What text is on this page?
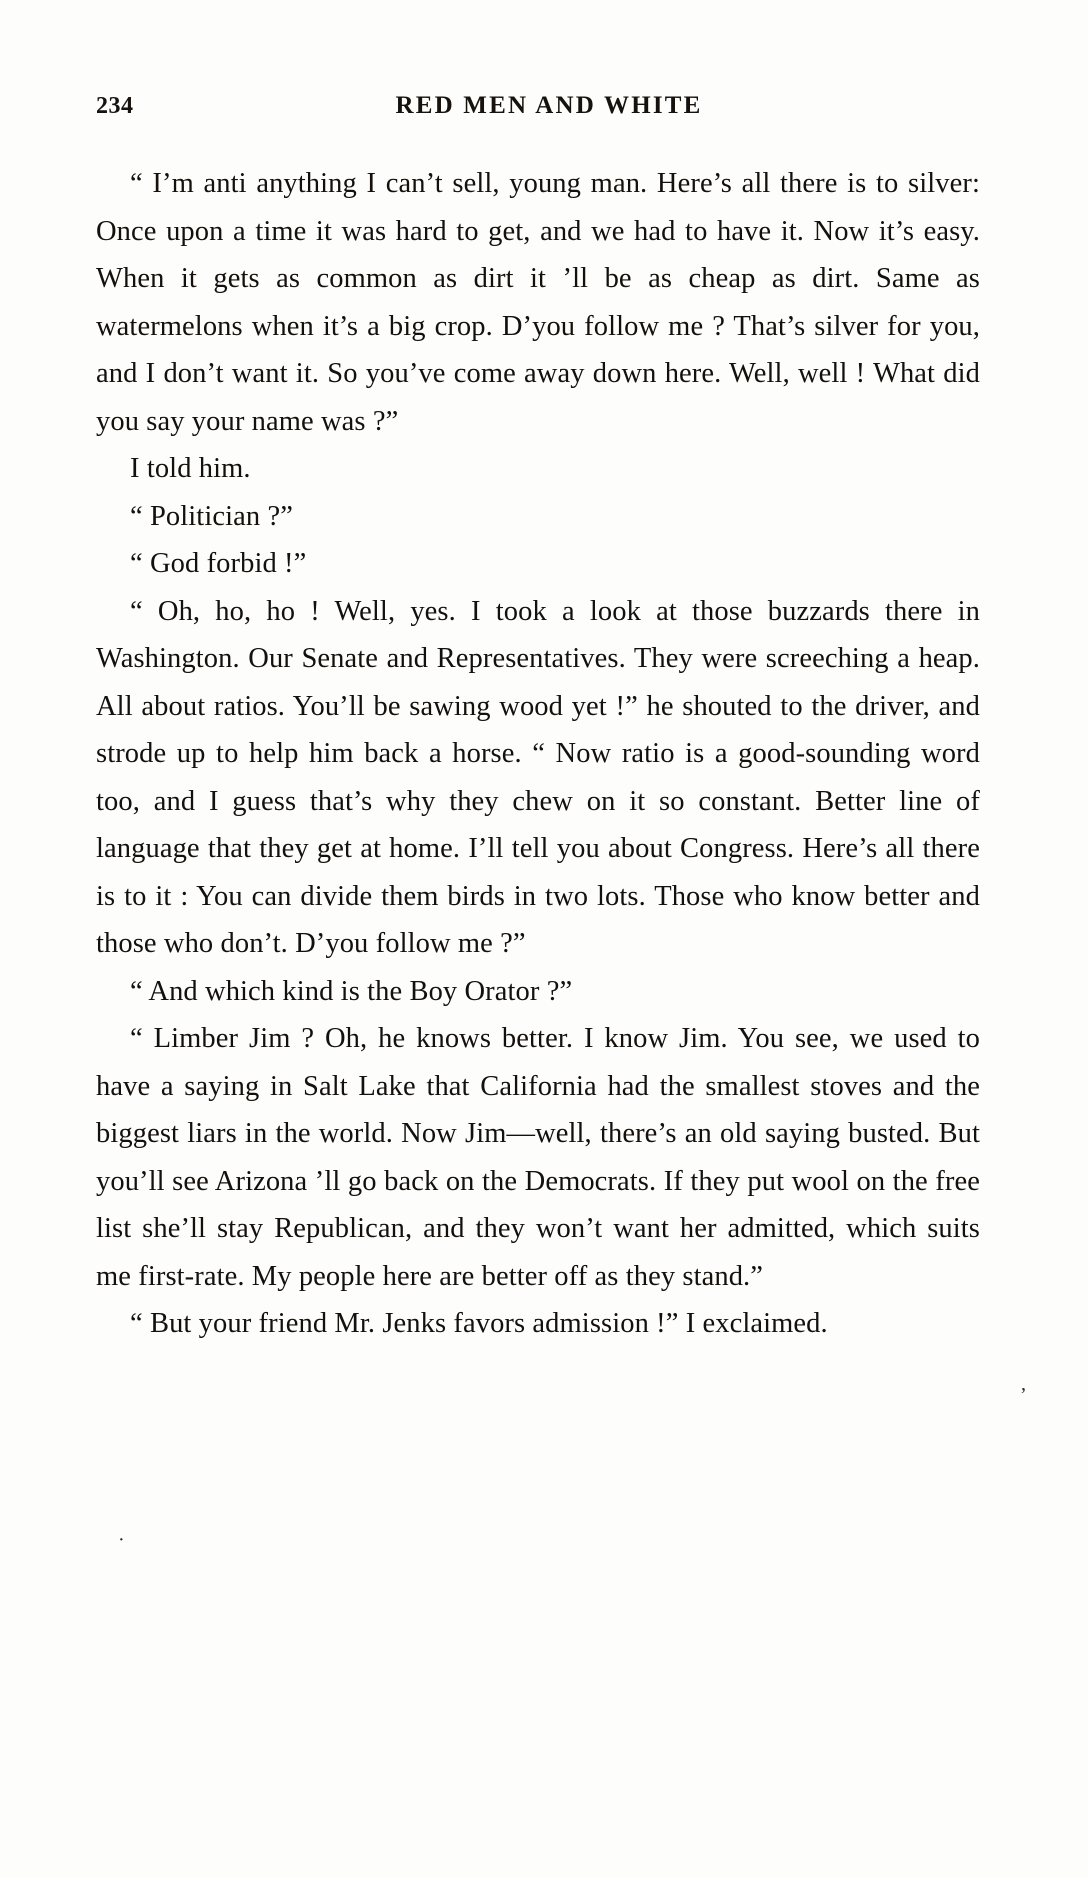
234	RED MEN AND WHITE

“ I’m anti anything I can’t sell, young man. Here’s all there is to silver: Once upon a time it was hard to get, and we had to have it. Now it’s easy. When it gets as common as dirt it ’ll be as cheap as dirt. Same as watermelons when it’s a big crop. D’you follow me ? That’s silver for you, and I don’t want it. So you’ve come away down here. Well, well ! What did you say your name was ?”

I told him.

“ Politician ?”

“ God forbid !”

“ Oh, ho, ho ! Well, yes. I took a look at those buzzards there in Washington. Our Senate and Representatives. They were screeching a heap. All about ratios. You’ll be sawing wood yet !” he shouted to the driver, and strode up to help him back a horse. “ Now ratio is a good-sounding word too, and I guess that’s why they chew on it so constant. Better line of language that they get at home. I’ll tell you about Congress. Here’s all there is to it : You can divide them birds in two lots. Those who know better and those who don’t. D’you follow me ?”

“ And which kind is the Boy Orator ?”

“ Limber Jim ? Oh, he knows better. I know Jim. You see, we used to have a saying in Salt Lake that California had the smallest stoves and the biggest liars in the world. Now Jim—well, there’s an old saying busted. But you’ll see Arizona ’ll go back on the Democrats. If they put wool on the free list she’ll stay Republican, and they won’t want her admitted, which suits me first-rate. My people here are better off as they stand.”

“ But your friend Mr. Jenks favors admission !” I exclaimed.

’
·
